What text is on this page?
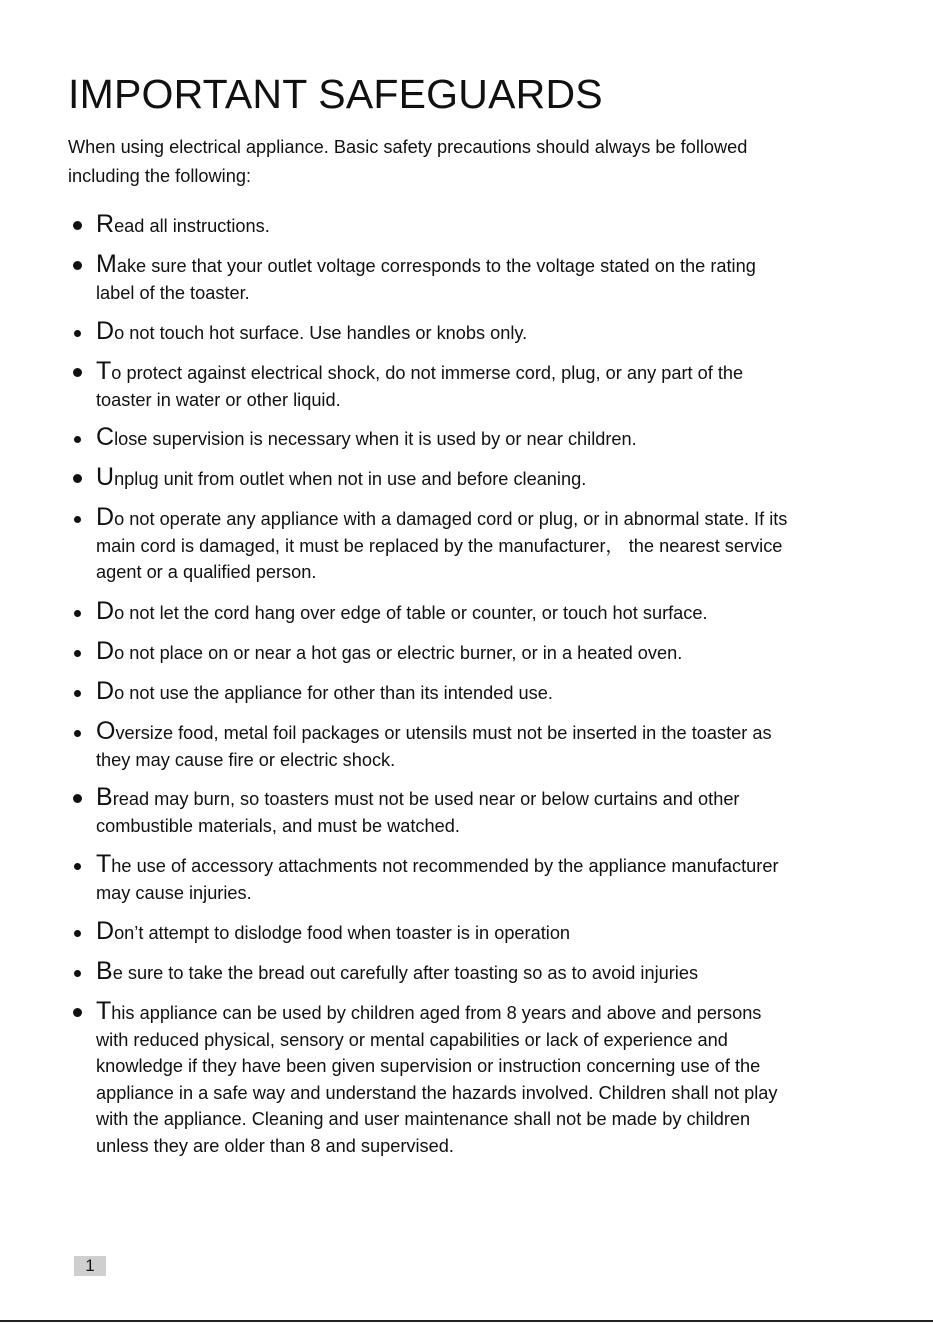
IMPORTANT SAFEGUARDS

When using electrical appliance. Basic safety precautions should always be followed
including the following:

Read all instructions.
Make sure that your outlet voltage corresponds to the voltage stated on the rating
label of the toaster.
Do not touch hot surface. Use handles or knobs only.
To protect against electrical shock, do not immerse cord, plug, or any part of the
toaster in water or other liquid.
Close supervision is necessary when it is used by or near children.
Unplug unit from outlet when not in use and before cleaning.
Do not operate any appliance with a damaged cord or plug, or in abnormal state. If its
main cord is damaged, it must be replaced by the manufacturer， the nearest service
agent or a qualified person.
Do not let the cord hang over edge of table or counter, or touch hot surface.
Do not place on or near a hot gas or electric burner, or in a heated oven.
Do not use the appliance for other than its intended use.
Oversize food, metal foil packages or utensils must not be inserted in the toaster as
they may cause fire or electric shock.
Bread may burn, so toasters must not be used near or below curtains and other
combustible materials, and must be watched.
The use of accessory attachments not recommended by the appliance manufacturer
may cause injuries.
Don’t attempt to dislodge food when toaster is in operation
Be sure to take the bread out carefully after toasting so as to avoid injuries
This appliance can be used by children aged from 8 years and above and persons
with reduced physical, sensory or mental capabilities or lack of experience and
knowledge if they have been given supervision or instruction concerning use of the
appliance in a safe way and understand the hazards involved. Children shall not play
with the appliance. Cleaning and user maintenance shall not be made by children
unless they are older than 8 and supervised.
1
